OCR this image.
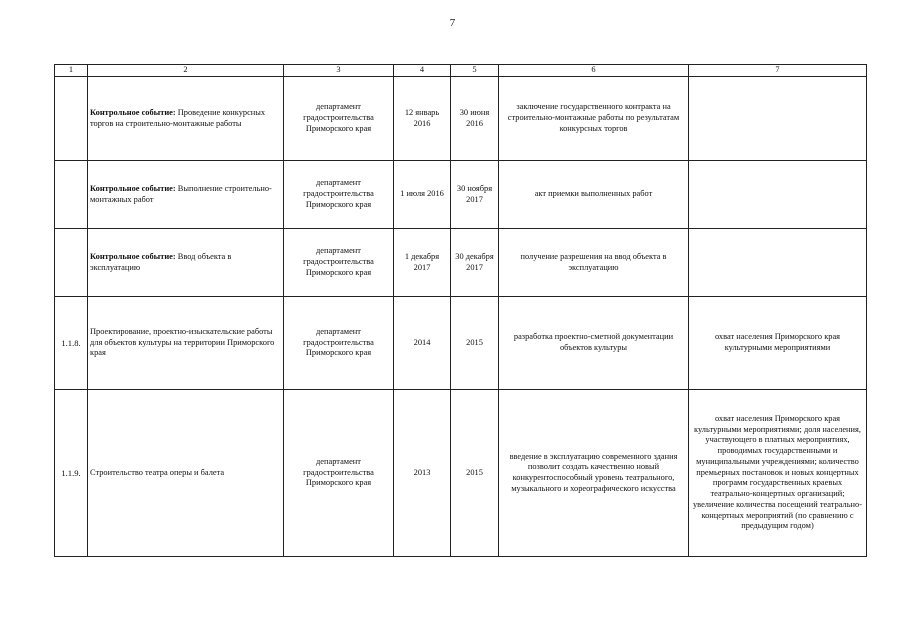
7
1	2	3	4	5	6	7
	Контрольное событие: Проведение конкурсных торгов на строительно-монтажные работы	департамент градостроительства Приморского края	12 январь 2016	30 июня 2016	заключение государственного контракта на строительно-монтажные работы по результатам конкурсных торгов	
	Контрольное событие: Выполнение строительно-монтажных работ	департамент градостроительства Приморского края	1 июля 2016	30 ноября 2017	акт приемки выполненных работ	
	Контрольное событие: Ввод объекта в эксплуатацию	департамент градостроительства Приморского края	1 декабря 2017	30 декабря 2017	получение разрешения на ввод объекта в эксплуатацию	
1.1.8.	Проектирование, проектно-изыскательские работы для объектов культуры на территории Приморского края	департамент градостроительства Приморского края	2014	2015	разработка проектно-сметной документации объектов культуры	охват населения Приморского края культурными мероприятиями
1.1.9.	Строительство театра оперы и балета	департамент градостроительства Приморского края	2013	2015	введение в эксплуатацию современного здания позволит создать качественно новый конкурентоспособный уровень театрального, музыкального и хореографического искусства	охват населения Приморского края культурными мероприятиями; доля населения, участвующего в платных мероприятиях, проводимых государственными и муниципальными учреждениями; количество премьерных постановок и новых концертных программ государственных краевых театрально-концертных организаций; увеличение количества посещений театрально-концертных мероприятий (по сравнению с предыдущим годом)
